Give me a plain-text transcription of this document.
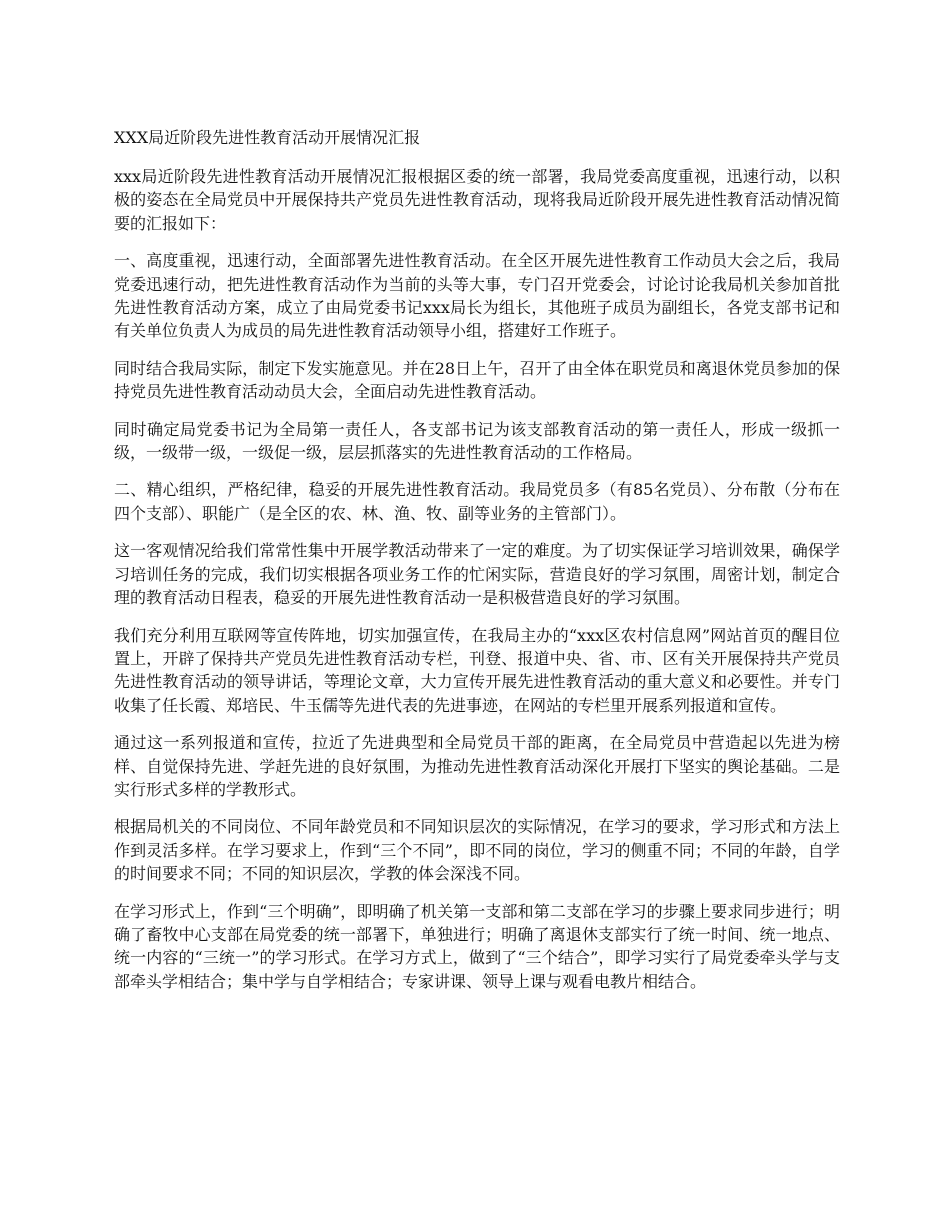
XXX局近阶段先进性教育活动开展情况汇报

xxx局近阶段先进性教育活动开展情况汇报根据区委的统一部署，我局党委高度重视，迅速行动，以积极的姿态在全局党员中开展保持共产党员先进性教育活动，现将我局近阶段开展先进性教育活动情况简要的汇报如下：

一、高度重视，迅速行动，全面部署先进性教育活动。在全区开展先进性教育工作动员大会之后，我局党委迅速行动，把先进性教育活动作为当前的头等大事，专门召开党委会，讨论讨论我局机关参加首批先进性教育活动方案，成立了由局党委书记xxx局长为组长，其他班子成员为副组长，各党支部书记和有关单位负责人为成员的局先进性教育活动领导小组，搭建好工作班子。

同时结合我局实际，制定下发实施意见。并在28日上午，召开了由全体在职党员和离退休党员参加的保持党员先进性教育活动动员大会，全面启动先进性教育活动。

同时确定局党委书记为全局第一责任人，各支部书记为该支部教育活动的第一责任人，形成一级抓一级，一级带一级，一级促一级，层层抓落实的先进性教育活动的工作格局。

二、精心组织，严格纪律，稳妥的开展先进性教育活动。我局党员多（有85名党员）、分布散（分布在四个支部）、职能广（是全区的农、林、渔、牧、副等业务的主管部门）。

这一客观情况给我们常常性集中开展学教活动带来了一定的难度。为了切实保证学习培训效果，确保学习培训任务的完成，我们切实根据各项业务工作的忙闲实际，营造良好的学习氛围，周密计划，制定合理的教育活动日程表，稳妥的开展先进性教育活动一是积极营造良好的学习氛围。

我们充分利用互联网等宣传阵地，切实加强宣传，在我局主办的“xxx区农村信息网”网站首页的醒目位置上，开辟了保持共产党员先进性教育活动专栏，刊登、报道中央、省、市、区有关开展保持共产党员先进性教育活动的领导讲话，等理论文章，大力宣传开展先进性教育活动的重大意义和必要性。并专门收集了任长霞、郑培民、牛玉儒等先进代表的先进事迹，在网站的专栏里开展系列报道和宣传。

通过这一系列报道和宣传，拉近了先进典型和全局党员干部的距离，在全局党员中营造起以先进为榜样、自觉保持先进、学赶先进的良好氛围，为推动先进性教育活动深化开展打下坚实的舆论基础。二是实行形式多样的学教形式。

根据局机关的不同岗位、不同年龄党员和不同知识层次的实际情况，在学习的要求，学习形式和方法上作到灵活多样。在学习要求上，作到“三个不同”，即不同的岗位，学习的侧重不同；不同的年龄，自学的时间要求不同；不同的知识层次，学教的体会深浅不同。

在学习形式上，作到“三个明确”，即明确了机关第一支部和第二支部在学习的步骤上要求同步进行；明确了畜牧中心支部在局党委的统一部署下，单独进行；明确了离退休支部实行了统一时间、统一地点、统一内容的“三统一”的学习形式。在学习方式上，做到了“三个结合”，即学习实行了局党委牵头学与支部牵头学相结合；集中学与自学相结合；专家讲课、领导上课与观看电教片相结合。
